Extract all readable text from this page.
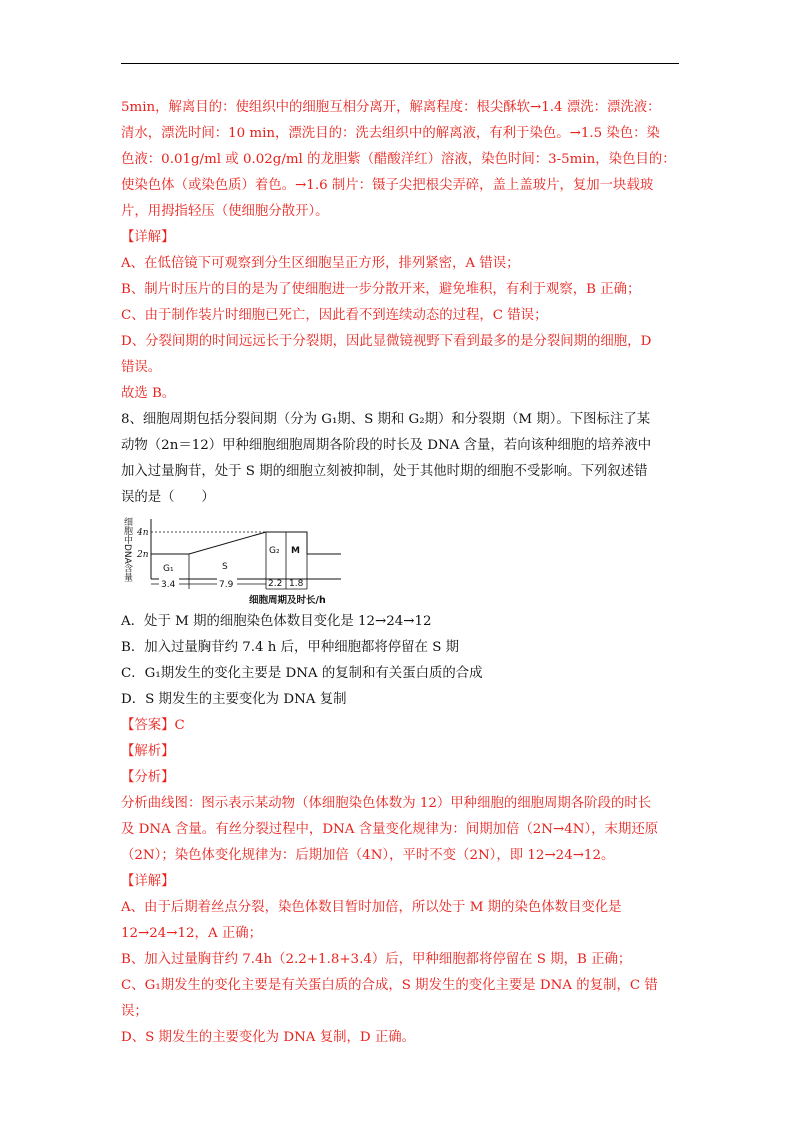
5min，解离目的：使组织中的细胞互相分离开，解离程度：根尖酥软→1.4 漂洗：漂洗液：
清水，漂洗时间：10 min，漂洗目的：洗去组织中的解离液，有利于染色。→1.5 染色：染
色液：0.01g/ml 或 0.02g/ml 的龙胆紫（醋酸洋红）溶液，染色时间：3-5min，染色目的：
使染色体（或染色质）着色。→1.6 制片：镊子尖把根尖弄碎，盖上盖玻片，复加一块载玻
片，用拇指轻压（使细胞分散开）。
【详解】
A、在低倍镜下可观察到分生区细胞呈正方形，排列紧密，A 错误；
B、制片时压片的目的是为了使细胞进一步分散开来，避免堆积，有利于观察，B 正确；
C、由于制作装片时细胞已死亡，因此看不到连续动态的过程，C 错误；
D、分裂间期的时间远远长于分裂期，因此显微镜视野下看到最多的是分裂间期的细胞，D
错误。
故选 B。
8、细胞周期包括分裂间期（分为 G₁期、S 期和 G₂期）和分裂期（M 期）。下图标注了某
动物（2n＝12）甲种细胞细胞周期各阶段的时长及 DNA 含量，若向该种细胞的培养液中
加入过量胸苷，处于 S 期的细胞立刻被抑制，处于其他时期的细胞不受影响。下列叙述错
误的是（　　）
细胞中DNA含量 4n
2n
G₁	S
G₂ M
3.4	7.9	2.2 1.8
细胞周期及时长/h
A．处于 M 期的细胞染色体数目变化是 12→24→12
B．加入过量胸苷约 7.4 h 后，甲种细胞都将停留在 S 期
C．G₁期发生的变化主要是 DNA 的复制和有关蛋白质的合成
D．S 期发生的主要变化为 DNA 复制
【答案】C
【解析】
【分析】
分析曲线图：图示表示某动物（体细胞染色体数为 12）甲种细胞的细胞周期各阶段的时长
及 DNA 含量。有丝分裂过程中，DNA 含量变化规律为：间期加倍（2N→4N），末期还原
（2N）；染色体变化规律为：后期加倍（4N），平时不变（2N），即 12→24→12。
【详解】
A、由于后期着丝点分裂，染色体数目暂时加倍，所以处于 M 期的染色体数目变化是
12→24→12，A 正确；
B、加入过量胸苷约 7.4h（2.2+1.8+3.4）后，甲种细胞都将停留在 S 期，B 正确；
C、G₁期发生的变化主要是有关蛋白质的合成，S 期发生的变化主要是 DNA 的复制，C 错
误；
D、S 期发生的主要变化为 DNA 复制，D 正确。
